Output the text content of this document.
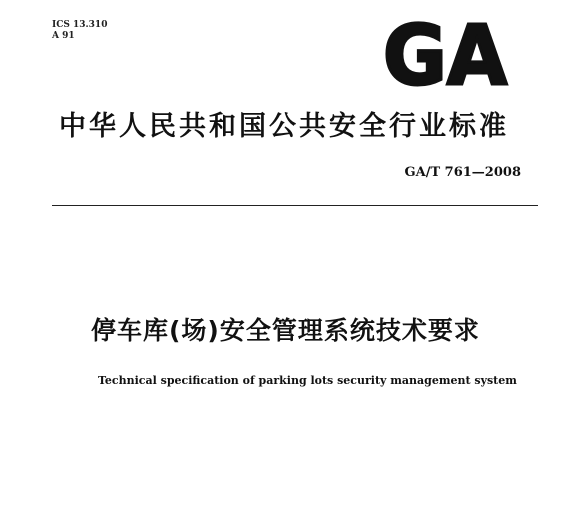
ICS 13.310
A 91	GA
中华人民共和国公共安全行业标准
GA/T 761—2008
停车库(场)安全管理系统技术要求
Technical specification of parking lots security management system
